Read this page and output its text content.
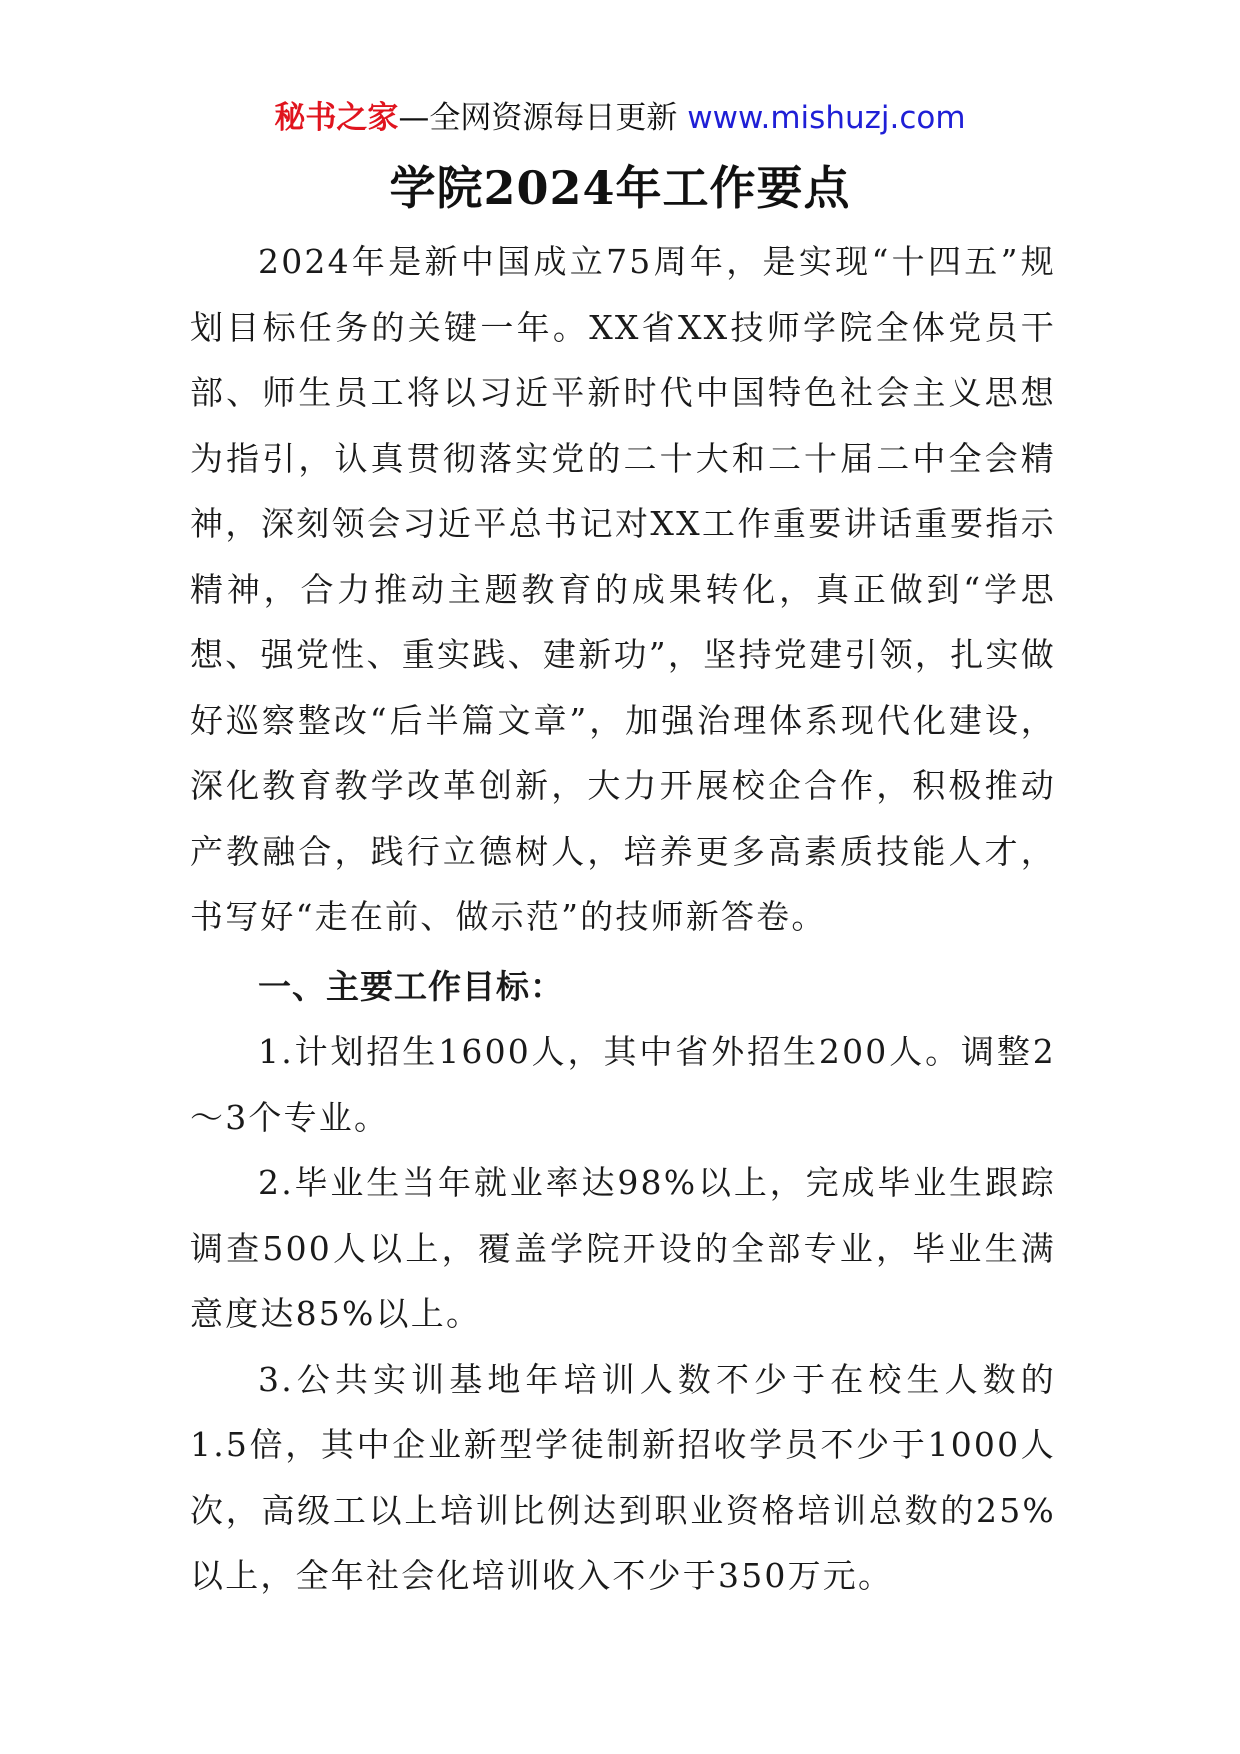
秘书之家—全网资源每日更新 www.mishuzj.com
学院2024年工作要点

2024年是新中国成立75周年，是实现“十四五”规划目标任务的关键一年。XX省XX技师学院全体党员干部、师生员工将以习近平新时代中国特色社会主义思想为指引，认真贯彻落实党的二十大和二十届二中全会精神，深刻领会习近平总书记对XX工作重要讲话重要指示精神，合力推动主题教育的成果转化，真正做到“学思想、强党性、重实践、建新功”，坚持党建引领，扎实做好巡察整改“后半篇文章”，加强治理体系现代化建设，深化教育教学改革创新，大力开展校企合作，积极推动产教融合，践行立德树人，培养更多高素质技能人才，书写好“走在前、做示范”的技师新答卷。

一、主要工作目标：

1.计划招生1600人，其中省外招生200人。调整2～3个专业。

2.毕业生当年就业率达98%以上，完成毕业生跟踪调查500人以上，覆盖学院开设的全部专业，毕业生满意度达85%以上。

3.公共实训基地年培训人数不少于在校生人数的1.5倍，其中企业新型学徒制新招收学员不少于1000人次，高级工以上培训比例达到职业资格培训总数的25%以上，全年社会化培训收入不少于350万元。
